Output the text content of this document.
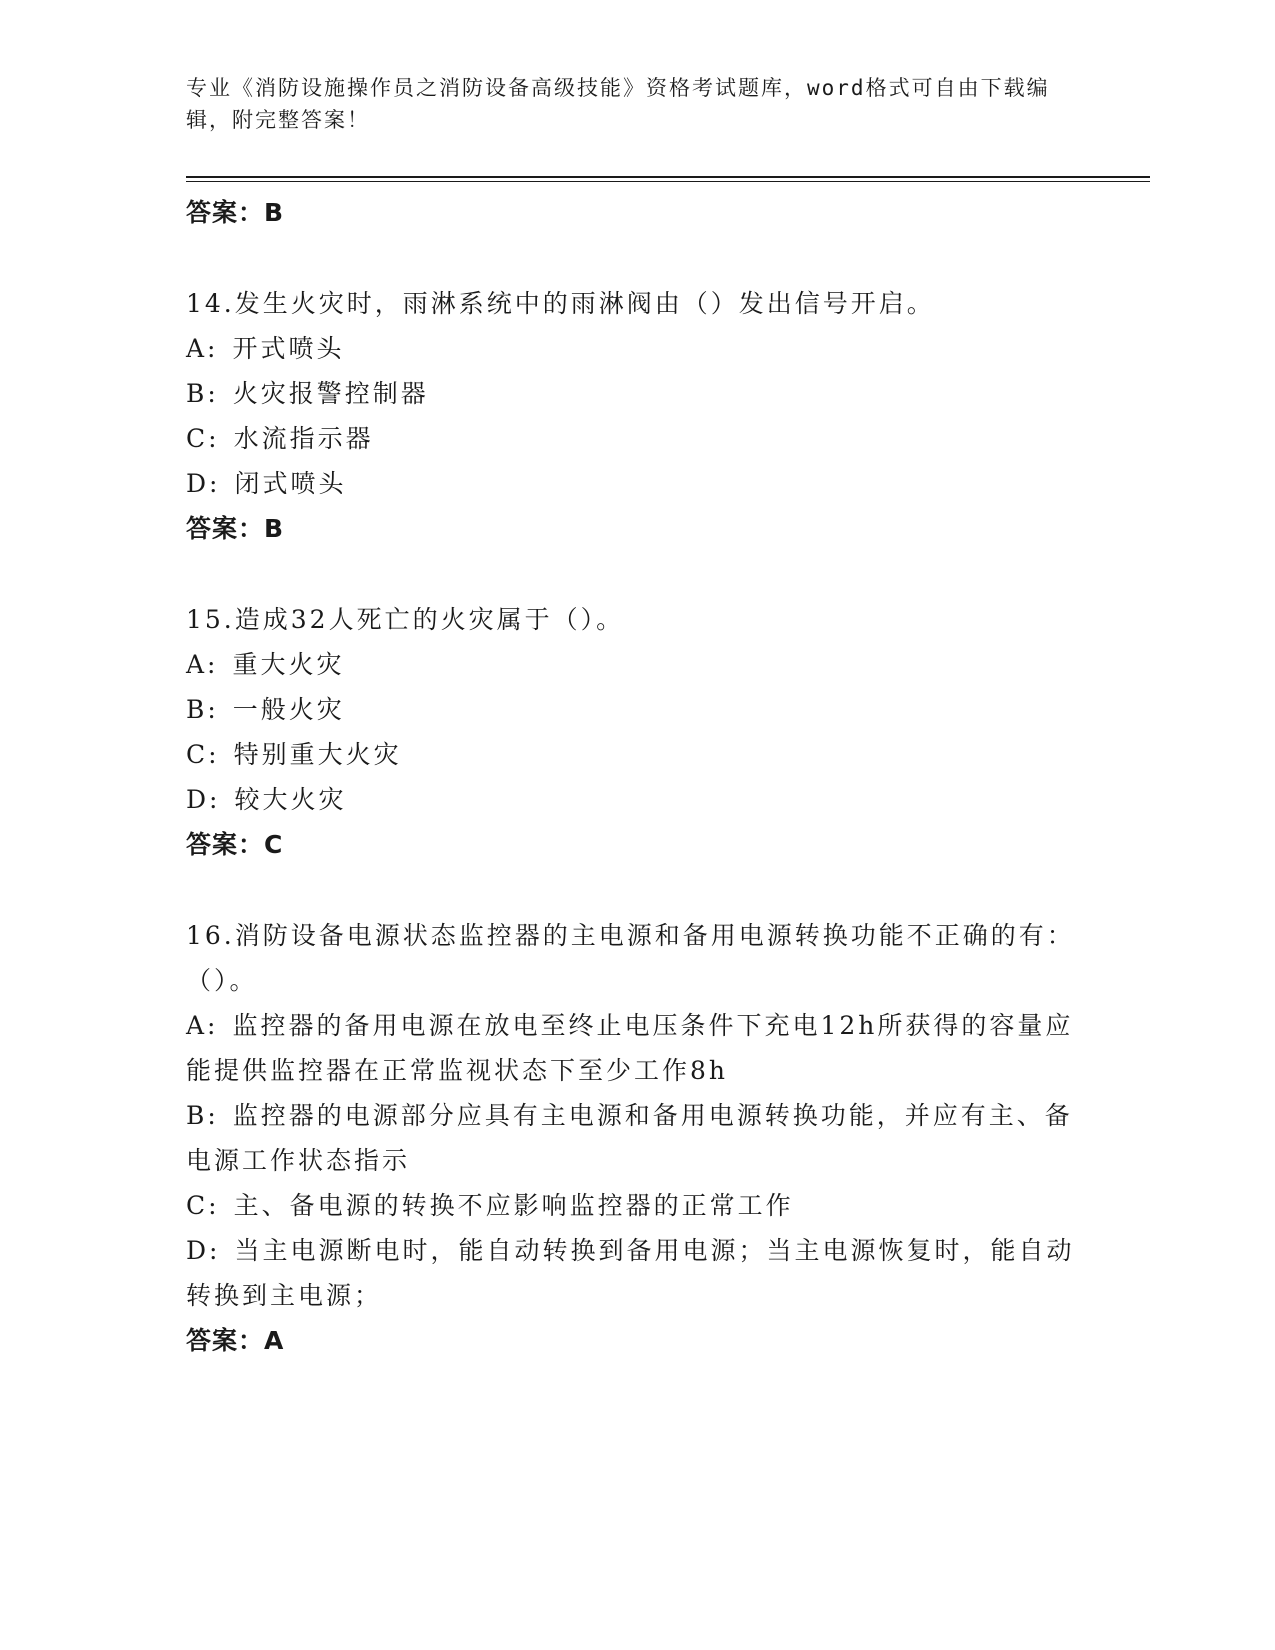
专业《消防设施操作员之消防设备高级技能》资格考试题库，word格式可自由下载编辑，附完整答案！
答案：B
14.发生火灾时，雨淋系统中的雨淋阀由（）发出信号开启。
A: 开式喷头
B: 火灾报警控制器
C: 水流指示器
D: 闭式喷头
答案：B
15.造成32人死亡的火灾属于（）。
A: 重大火灾
B: 一般火灾
C: 特别重大火灾
D: 较大火灾
答案：C
16.消防设备电源状态监控器的主电源和备用电源转换功能不正确的有：（）。
A: 监控器的备用电源在放电至终止电压条件下充电12h所获得的容量应能提供监控器在正常监视状态下至少工作8h
B: 监控器的电源部分应具有主电源和备用电源转换功能，并应有主、备电源工作状态指示
C: 主、备电源的转换不应影响监控器的正常工作
D: 当主电源断电时，能自动转换到备用电源；当主电源恢复时，能自动转换到主电源；
答案：A
